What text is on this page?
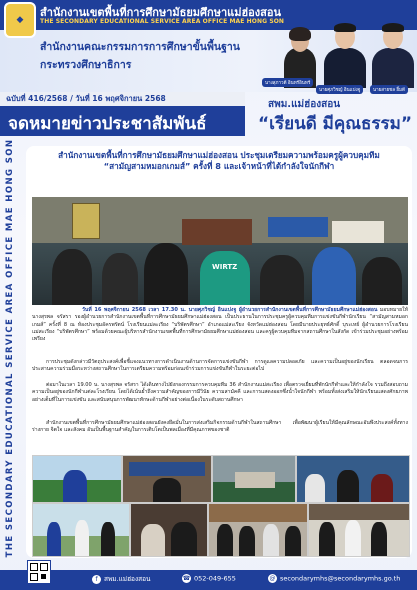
◆
สำนักงานเขตพื้นที่การศึกษามัธยมศึกษาแม่ฮ่องสอน
THE SECONDARY EDUCATIONAL SERVICE AREA OFFICE MAE HONG SON
สำนักงานคณะกรรมการการศึกษาขั้นพื้นฐาน
กระทรวงศึกษาธิการ
นางสุภาวดี อินทร์อินทร์
นายศุภวิชญ์ อินแปงจู	นายสายชล ยิ้มดี
ฉบับที่ 416/2568 / วันที่ 16 พฤศจิกายน 2568
จดหมายข่าวประชาสัมพันธ์
สพม.แม่ฮ่องสอน
“เรียนดี มีคุณธรรม”
THE SECONDARY EDUCATIONAL SERVICE AREA OFFICE MAE HONG SON	สำนักงานเขตพื้นที่การศึกษามัธยมศึกษาแม่ฮ่องสอน ประชุมเตรียมความพร้อมครูผู้ควบคุมทีม
“สามัญสามหมอกเกมส์” ครั้งที่ 8 และเจ้าหน้าที่ได้กำลังใจนักกีฬา
WIRTZ
วันที่ 16 พฤศจิกายน 2568 เวลา 17.30 น. นายศุภวิชญ์ อินแปงจู ผู้อำนวยการสำนักงานเขตพื้นที่การศึกษามัธยมศึกษาแม่ฮ่องสอน มอบหมายให้ นางสุรพล จรัสรา รองผู้อำนวยการสำนักงานเขตพื้นที่การศึกษามัธยมศึกษาแม่ฮ่องสอน เป็นประธานในการประชุมครูผู้ควบคุมทีมการแข่งขันกีฬานักเรียน “สามัญสามหมอกเกมส์” ครั้งที่ 8 ณ ห้องประชุมอัครพรัตน์ โรงเรียนแม่ละเรียง “บริพัตรศึกษา” อำเภอแม่สะเรียง จังหวัดแม่ฮ่องสอน โดยมีนายประยุทธ์ศักดิ์ บุระเหย์ ผู้อำนวยการโรงเรียนแม่สะเรียง “บริพัตรศึกษา” พร้อมด้วยคณะผู้บริหารสำนักงานเขตพื้นที่การศึกษามัธยมศึกษาแม่ฮ่องสอน และครูผู้ควบคุมทีมจากสถานศึกษาในสังกัด เข้าร่วมประชุมอย่างพร้อมเพรียง
การประชุมดังกล่าวมีวัตถุประสงค์เพื่อชี้แจงแนวทางการดำเนินงานด้านการจัดการแข่งขันกีฬา การดูแลความปลอดภัย และความเป็นอยู่ของนักเรียน ตลอดจนการประสานความร่วมมือระหว่างสถานศึกษาในการเตรียมความพร้อมก่อนเข้าร่วมการแข่งขันกีฬาในระยะต่อไป
ต่อมาในเวลา 19.00 น. นางสุรพล จรัสรา ได้เดินทางไปยังกองกรรมการควบคุมทีม 36 สำนักงานแม่สะเรียง เพื่อตรวจเยี่ยมที่พักนักกีฬาและให้กำลังใจ รวมถึงสอบถามความเป็นอยู่ของนักกีฬาแต่ละโรงเรียน โดยได้เน้นย้ำถึงความสำคัญของการมีวินัย ความสามัคคี และการแสดงออกซึ่งน้ำใจนักกีฬา พร้อมทั้งส่งเสริมให้นักเรียนแสดงศักยภาพอย่างเต็มที่ในการแข่งขัน และสนับสนุนการพัฒนาทักษะด้านกีฬาอย่างต่อเนื่องในระดับสถานศึกษา
สำนักงานเขตพื้นที่การศึกษามัธยมศึกษาแม่ฮ่องสอนยังคงยึดมั่นในการส่งเสริมกิจกรรมด้านกีฬาในสถานศึกษา เพื่อพัฒนาผู้เรียนให้มีคุณลักษณะอันพึงประสงค์ทั้งทางร่างกาย จิตใจ และสังคม อันเป็นพื้นฐานสำคัญในการเติบโตเป็นพลเมืองที่มีคุณภาพของชาติ
f สพม.แม่ฮ่องสอน	☎ 052-049-655	@ secondarymhs@secondarymhs.go.th
